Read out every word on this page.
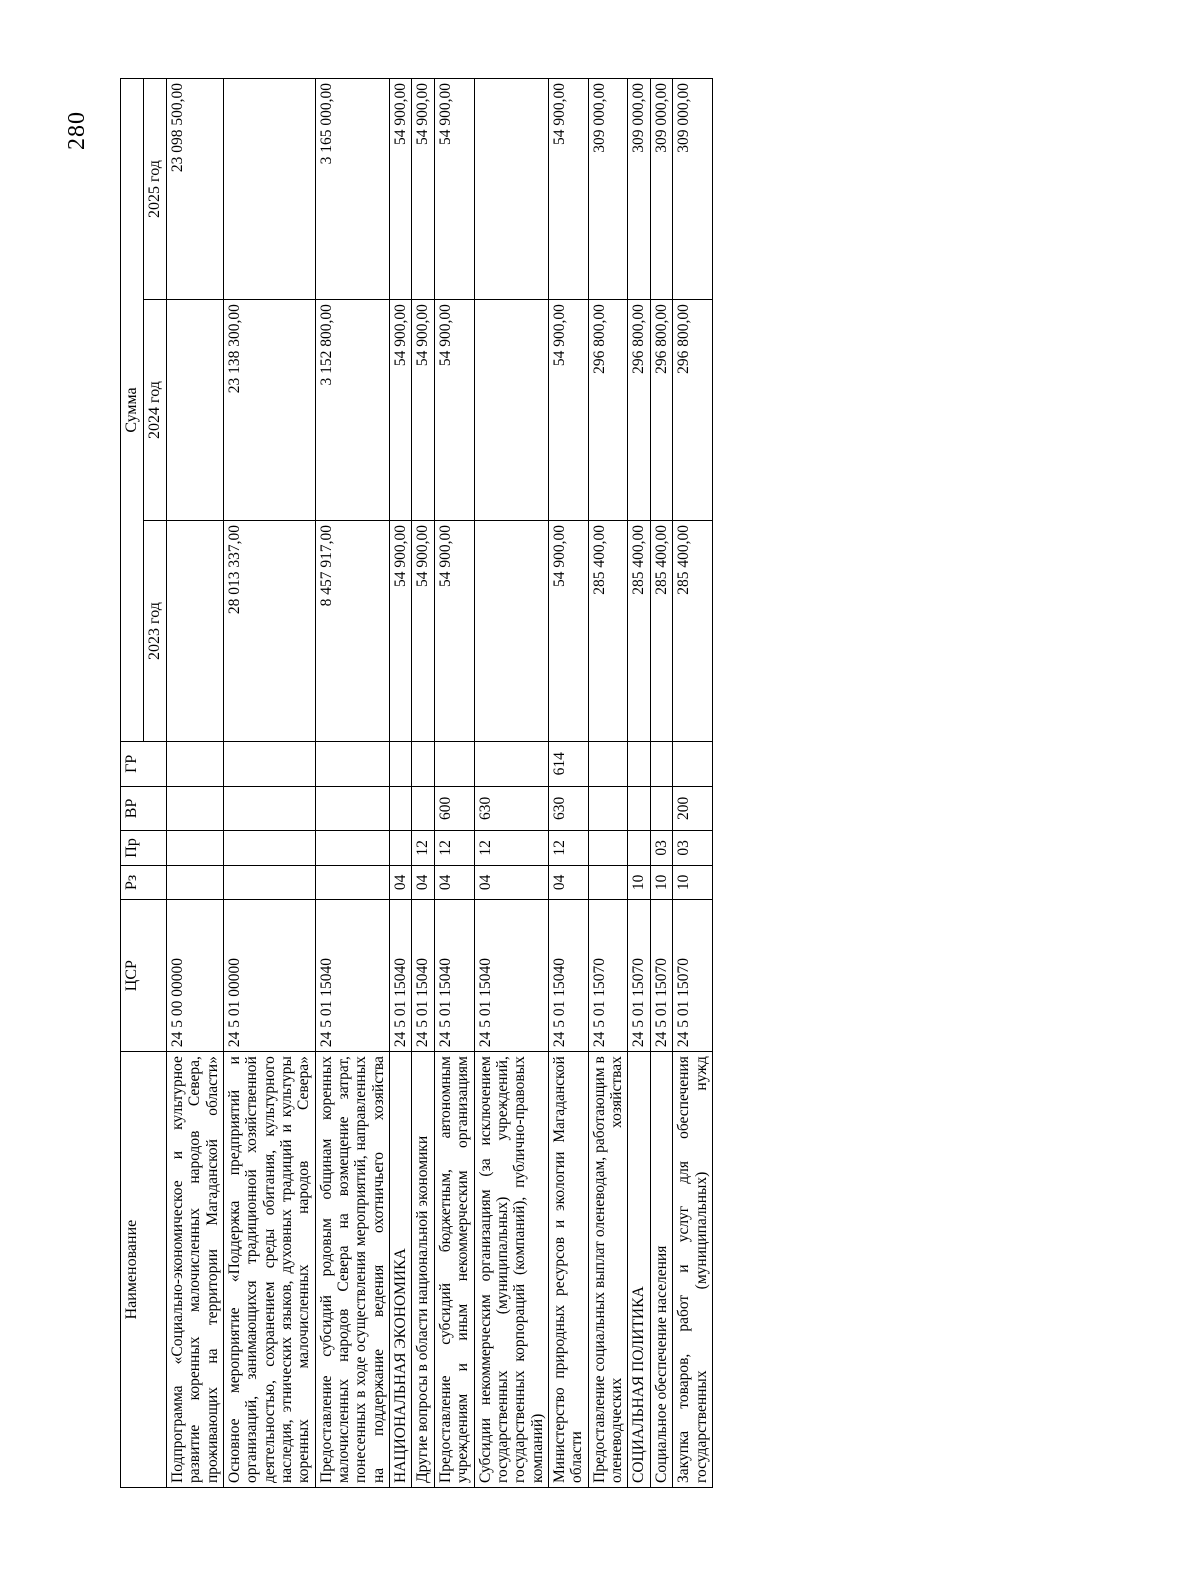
280
Наименование	ЦСР	Рз	Пр	ВР	ГР	Сумма		
						2023 год	2024 год	2025 год
Подпрограмма «Социально-экономическое и культурное развитие коренных малочисленных народов Севера, проживающих на территории Магаданской области»	24 5 00 00000							23 098 500,00
Основное мероприятие «Поддержка предприятий и организаций, занимающихся традиционной хозяйственной деятельностью, сохранением среды обитания, культурного наследия, этнических языков, духовных традиций и культуры коренных малочисленных народов Севера»	24 5 01 00000					28 013 337,00	23 138 300,00	
Предоставление субсидий родовым общинам коренных малочисленных народов Севера на возмещение затрат, понесенных в ходе осуществления мероприятий, направленных на поддержание ведения охотничьего хозяйства	24 5 01 15040					8 457 917,00	3 152 800,00	3 165 000,00
НАЦИОНАЛЬНАЯ ЭКОНОМИКА	24 5 01 15040	04				54 900,00	54 900,00	54 900,00
Другие вопросы в области национальной экономики	24 5 01 15040	04	12			54 900,00	54 900,00	54 900,00
Предоставление субсидий бюджетным, автономным учреждениям и иным некоммерческим организациям	24 5 01 15040	04	12	600		54 900,00	54 900,00	54 900,00
Субсидии некоммерческим организациям (за исключением государственных (муниципальных) учреждений, государственных корпораций (компаний), публично-правовых компаний)	24 5 01 15040	04	12	630				
Министерство природных ресурсов и экологии Магаданской области	24 5 01 15040	04	12	630	614	54 900,00	54 900,00	54 900,00
Предоставление социальных выплат оленеводам, работающим в оленеводческих хозяйствах	24 5 01 15070					285 400,00	296 800,00	309 000,00
СОЦИАЛЬНАЯ ПОЛИТИКА	24 5 01 15070	10				285 400,00	296 800,00	309 000,00
Социальное обеспечение населения	24 5 01 15070	10	03			285 400,00	296 800,00	309 000,00
Закупка товаров, работ и услуг для обеспечения государственных (муниципальных) нужд	24 5 01 15070	10	03	200		285 400,00	296 800,00	309 000,00
